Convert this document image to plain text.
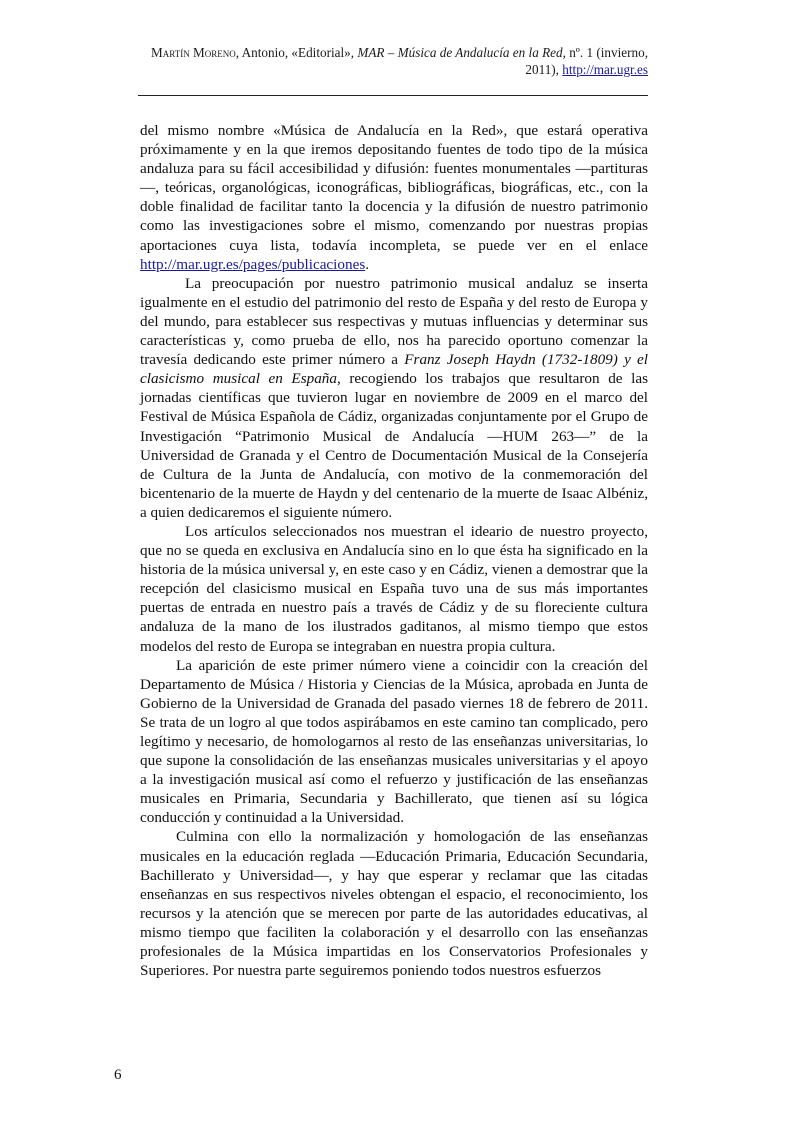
Martín Moreno, Antonio, «Editorial», MAR – Música de Andalucía en la Red, nº. 1 (invierno, 2011), http://mar.ugr.es

del mismo nombre «Música de Andalucía en la Red», que estará operativa próximamente y en la que iremos depositando fuentes de todo tipo de la música andaluza para su fácil accesibilidad y difusión: fuentes monumentales —partituras—, teóricas, organológicas, iconográficas, bibliográficas, biográficas, etc., con la doble finalidad de facilitar tanto la docencia y la difusión de nuestro patrimonio como las investigaciones sobre el mismo, comenzando por nuestras propias aportaciones cuya lista, todavía incompleta, se puede ver en el enlace http://mar.ugr.es/pages/publicaciones.

La preocupación por nuestro patrimonio musical andaluz se inserta igualmente en el estudio del patrimonio del resto de España y del resto de Europa y del mundo, para establecer sus respectivas y mutuas influencias y determinar sus características y, como prueba de ello, nos ha parecido oportuno comenzar la travesía dedicando este primer número a Franz Joseph Haydn (1732-1809) y el clasicismo musical en España, recogiendo los trabajos que resultaron de las jornadas científicas que tuvieron lugar en noviembre de 2009 en el marco del Festival de Música Española de Cádiz, organizadas conjuntamente por el Grupo de Investigación “Patrimonio Musical de Andalucía —HUM 263—” de la Universidad de Granada y el Centro de Documentación Musical de la Consejería de Cultura de la Junta de Andalucía, con motivo de la conmemoración del bicentenario de la muerte de Haydn y del centenario de la muerte de Isaac Albéniz, a quien dedicaremos el siguiente número.

Los artículos seleccionados nos muestran el ideario de nuestro proyecto, que no se queda en exclusiva en Andalucía sino en lo que ésta ha significado en la historia de la música universal y, en este caso y en Cádiz, vienen a demostrar que la recepción del clasicismo musical en España tuvo una de sus más importantes puertas de entrada en nuestro país a través de Cádiz y de su floreciente cultura andaluza de la mano de los ilustrados gaditanos, al mismo tiempo que estos modelos del resto de Europa se integraban en nuestra propia cultura.

La aparición de este primer número viene a coincidir con la creación del Departamento de Música / Historia y Ciencias de la Música, aprobada en Junta de Gobierno de la Universidad de Granada del pasado viernes 18 de febrero de 2011. Se trata de un logro al que todos aspirábamos en este camino tan complicado, pero legítimo y necesario, de homologarnos al resto de las enseñanzas universitarias, lo que supone la consolidación de las enseñanzas musicales universitarias y el apoyo a la investigación musical así como el refuerzo y justificación de las enseñanzas musicales en Primaria, Secundaria y Bachillerato, que tienen así su lógica conducción y continuidad a la Universidad.

Culmina con ello la normalización y homologación de las enseñanzas musicales en la educación reglada —Educación Primaria, Educación Secundaria, Bachillerato y Universidad—, y hay que esperar y reclamar que las citadas enseñanzas en sus respectivos niveles obtengan el espacio, el reconocimiento, los recursos y la atención que se merecen por parte de las autoridades educativas, al mismo tiempo que faciliten la colaboración y el desarrollo con las enseñanzas profesionales de la Música impartidas en los Conservatorios Profesionales y Superiores. Por nuestra parte seguiremos poniendo todos nuestros esfuerzos

6
